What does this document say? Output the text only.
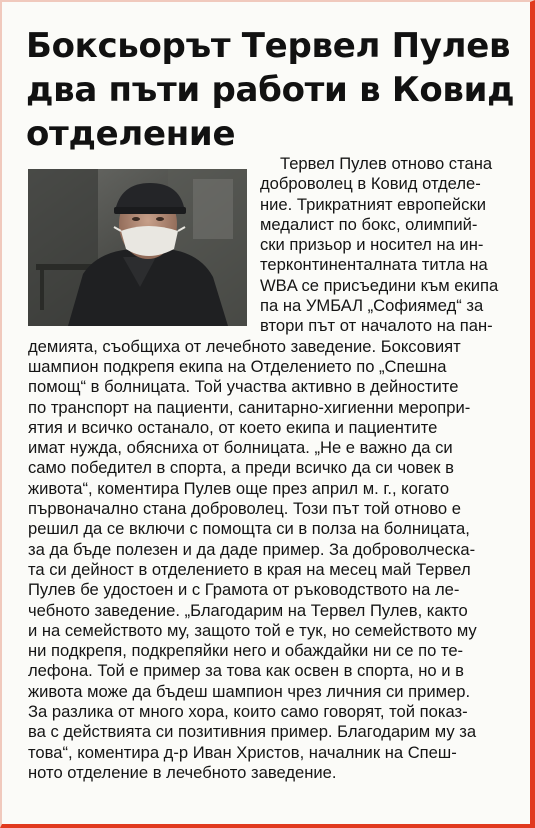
Боксьорът Тервел Пулев
два пъти работи в Ковид
отделение
Тервел Пулев отново стана
доброволец в Ковид отделе-
ние. Трикратният европейски
медалист по бокс, олимпий-
ски призьор и носител на ин-
терконтиненталната титла на
WBA се присъедини към екипа
па на УМБАЛ „Софиямед“ за
втори път от началото на пан-
демията, съобщиха от лечебното заведение. Боксовият
шампион подкрепя екипа на Отделението по „Спешна
помощ“ в болницата. Той участва активно в дейностите
по транспорт на пациенти, санитарно-хигиенни меропри-
ятия и всичко останало, от което екипа и пациентите
имат нужда, обясниха от болницата. „Не е важно да си
само победител в спорта, а преди всичко да си човек в
живота“, коментира Пулев още през април м. г., когато
първоначално стана доброволец. Този път той отново е
решил да се включи с помощта си в полза на болницата,
за да бъде полезен и да даде пример. За доброволческа-
та си дейност в отделението в края на месец май Тервел
Пулев бе удостоен и с Грамота от ръководството на ле-
чебното заведение. „Благодарим на Тервел Пулев, както
и на семейството му, защото той е тук, но семейството му
ни подкрепя, подкрепяйки него и обаждайки ни се по те-
лефона. Той е пример за това как освен в спорта, но и в
живота може да бъдеш шампион чрез личния си пример.
За разлика от много хора, които само говорят, той показ-
ва с действията си позитивния пример. Благодарим му за
това“, коментира д-р Иван Христов, началник на Спеш-
ното отделение в лечебното заведение.
